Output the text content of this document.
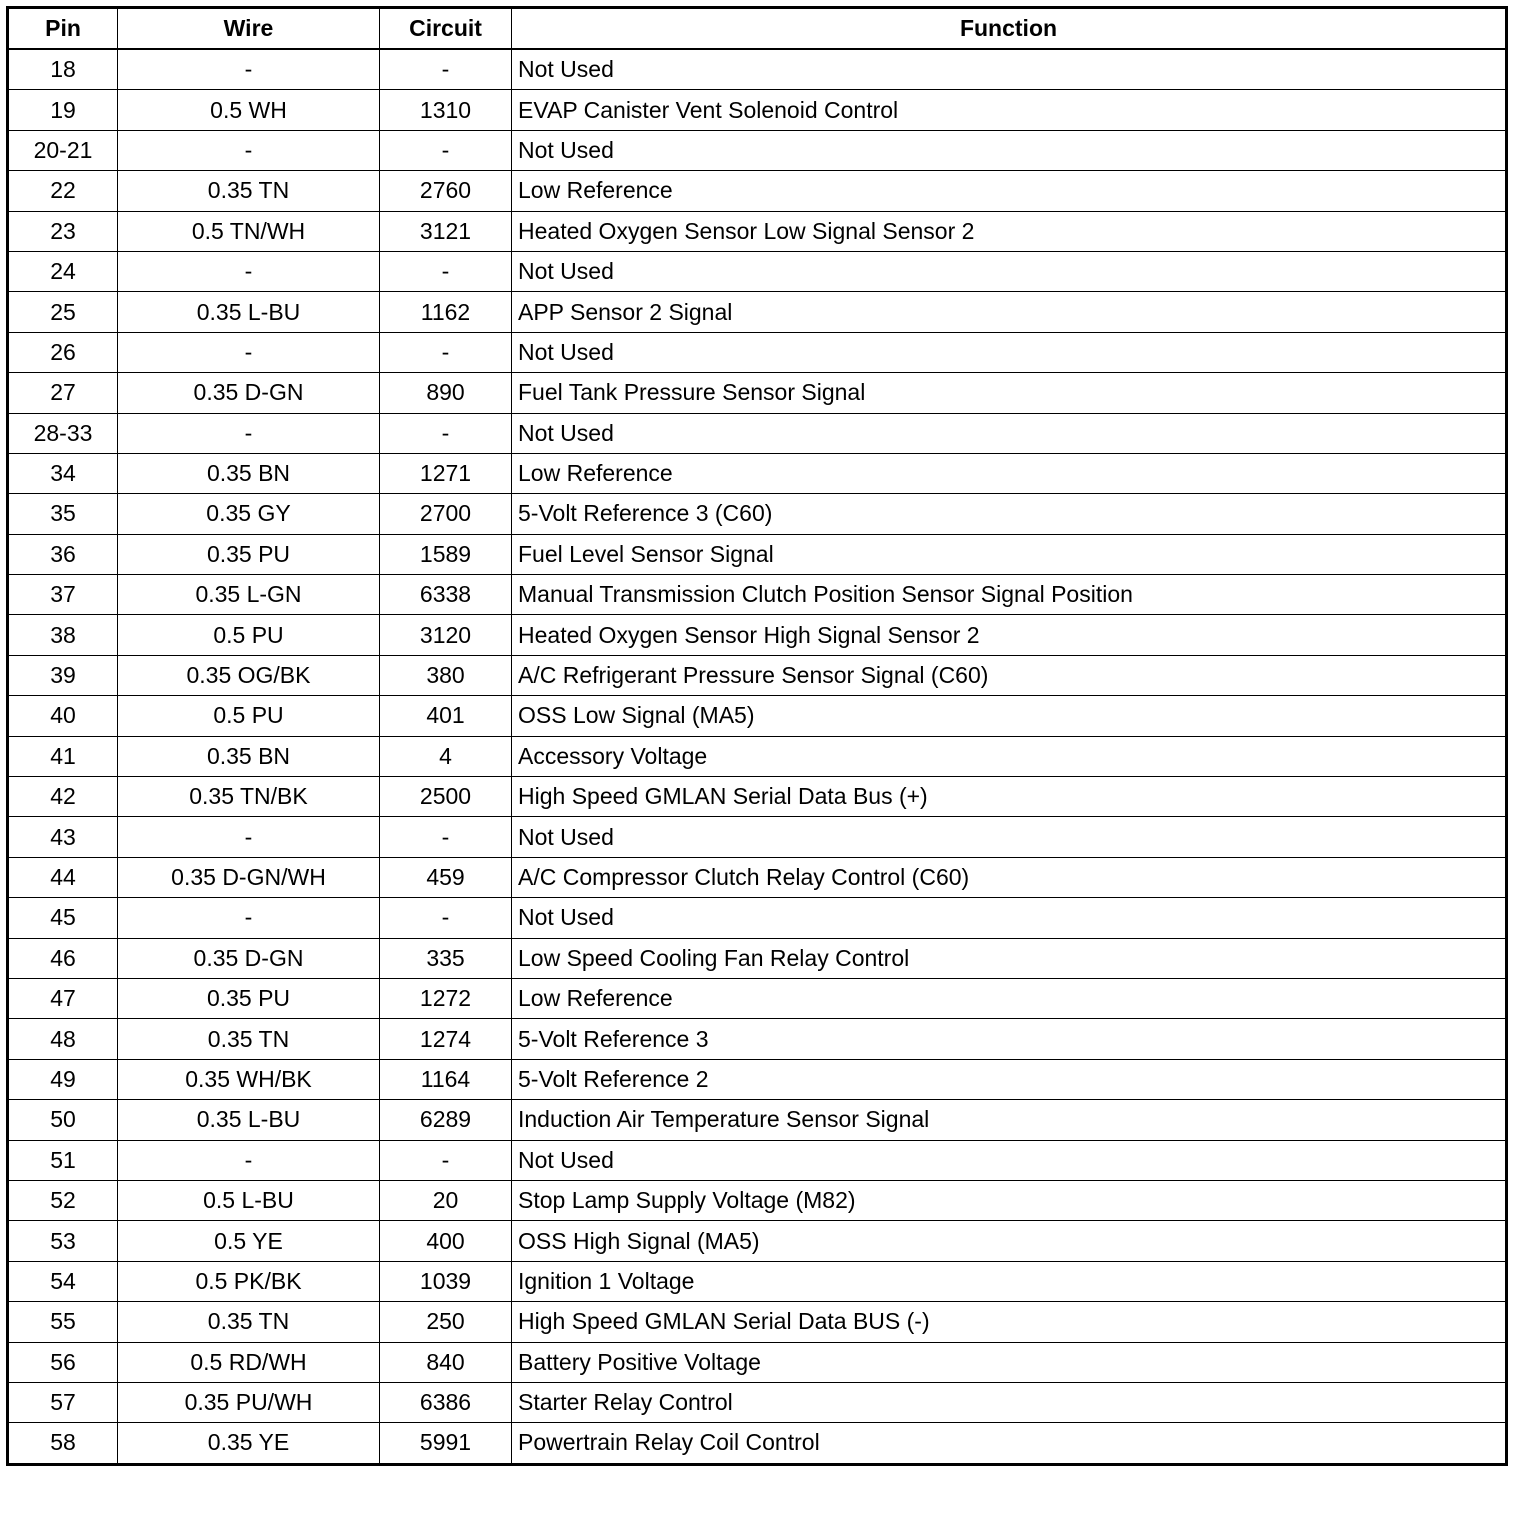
Pin	Wire	Circuit	Function
18	-	-	Not Used
19	0.5 WH	1310	EVAP Canister Vent Solenoid Control
20-21	-	-	Not Used
22	0.35 TN	2760	Low Reference
23	0.5 TN/WH	3121	Heated Oxygen Sensor Low Signal Sensor 2
24	-	-	Not Used
25	0.35 L-BU	1162	APP Sensor 2 Signal
26	-	-	Not Used
27	0.35 D-GN	890	Fuel Tank Pressure Sensor Signal
28-33	-	-	Not Used
34	0.35 BN	1271	Low Reference
35	0.35 GY	2700	5-Volt Reference 3 (C60)
36	0.35 PU	1589	Fuel Level Sensor Signal
37	0.35 L-GN	6338	Manual Transmission Clutch Position Sensor Signal Position
38	0.5 PU	3120	Heated Oxygen Sensor High Signal Sensor 2
39	0.35 OG/BK	380	A/C Refrigerant Pressure Sensor Signal (C60)
40	0.5 PU	401	OSS Low Signal (MA5)
41	0.35 BN	4	Accessory Voltage
42	0.35 TN/BK	2500	High Speed GMLAN Serial Data Bus (+)
43	-	-	Not Used
44	0.35 D-GN/WH	459	A/C Compressor Clutch Relay Control (C60)
45	-	-	Not Used
46	0.35 D-GN	335	Low Speed Cooling Fan Relay Control
47	0.35 PU	1272	Low Reference
48	0.35 TN	1274	5-Volt Reference 3
49	0.35 WH/BK	1164	5-Volt Reference 2
50	0.35 L-BU	6289	Induction Air Temperature Sensor Signal
51	-	-	Not Used
52	0.5 L-BU	20	Stop Lamp Supply Voltage (M82)
53	0.5 YE	400	OSS High Signal (MA5)
54	0.5 PK/BK	1039	Ignition 1 Voltage
55	0.35 TN	250	High Speed GMLAN Serial Data BUS (-)
56	0.5 RD/WH	840	Battery Positive Voltage
57	0.35 PU/WH	6386	Starter Relay Control
58	0.35 YE	5991	Powertrain Relay Coil Control
